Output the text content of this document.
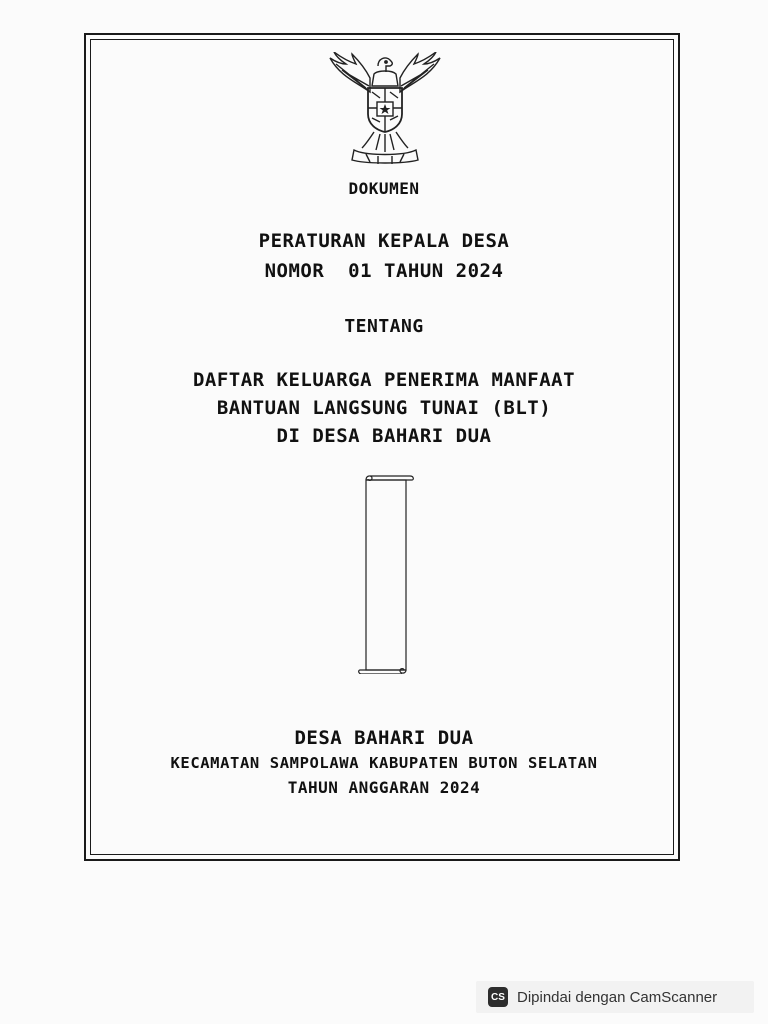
DOKUMEN
PERATURAN KEPALA DESA
NOMOR  01 TAHUN 2024
TENTANG
DAFTAR KELUARGA PENERIMA MANFAAT
BANTUAN LANGSUNG TUNAI (BLT)
DI DESA BAHARI DUA
DESA BAHARI DUA
KECAMATAN SAMPOLAWA KABUPATEN BUTON SELATAN
TAHUN ANGGARAN 2024
CS Dipindai dengan CamScanner
